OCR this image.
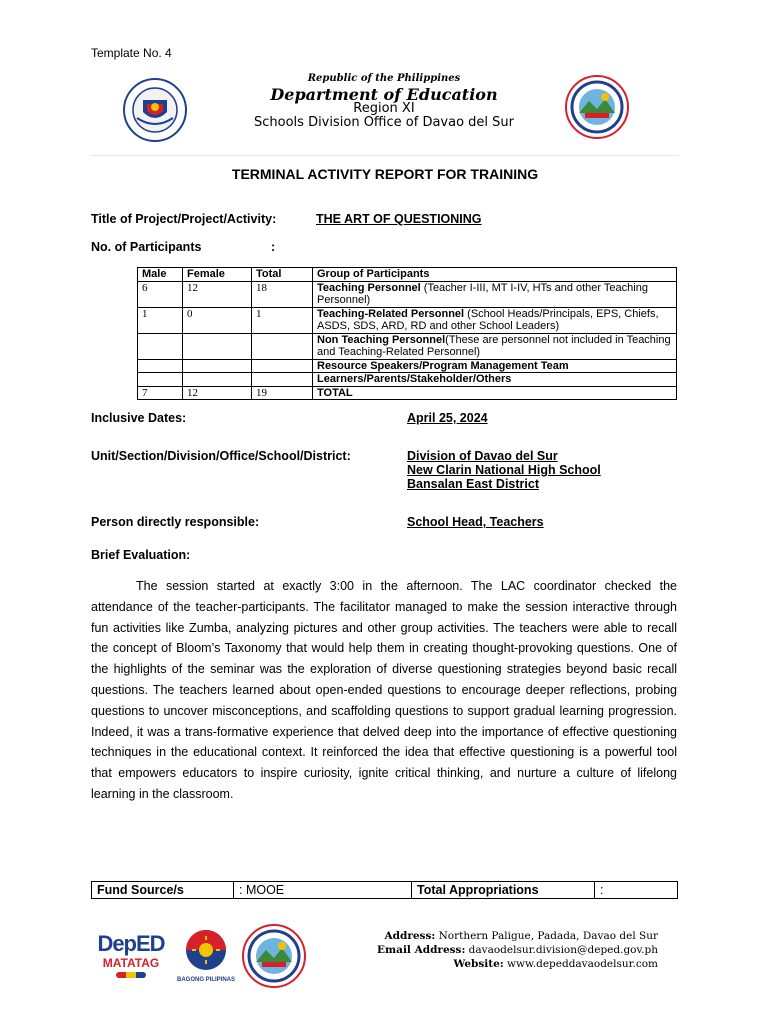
Template No. 4
Republic of the Philippines
Department of Education
Region XI
Schools Division Office of Davao del Sur
TERMINAL ACTIVITY REPORT FOR TRAINING
Title of Project/Project/Activity:	THE ART OF QUESTIONING
No. of Participants	:
Male	Female	Total	Group of Participants
6	12	18	Teaching Personnel (Teacher I-III, MT I-IV, HTs and other Teaching Personnel)
1	0	1	Teaching-Related Personnel (School Heads/Principals, EPS, Chiefs, ASDS, SDS, ARD, RD and other School Leaders)
			Non Teaching Personnel(These are personnel not included in Teaching and Teaching-Related Personnel)
			Resource Speakers/Program Management Team
			Learners/Parents/Stakeholder/Others
7	12	19	TOTAL
Inclusive Dates:	April 25, 2024
Unit/Section/Division/Office/School/District:	Division of Davao del Sur
New Clarin National High School
Bansalan East District
Person directly responsible:	School Head, Teachers
Brief Evaluation:
The session started at exactly 3:00 in the afternoon. The LAC coordinator checked the attendance of the teacher-participants. The facilitator managed to make the session interactive through fun activities like Zumba, analyzing pictures and other group activities. The teachers were able to recall the concept of Bloom’s Taxonomy that would help them in creating thought-provoking questions. One of the highlights of the seminar was the exploration of diverse questioning strategies beyond basic recall questions. The teachers learned about open-ended questions to encourage deeper reflections, probing questions to uncover misconceptions, and scaffolding questions to support gradual learning progression. Indeed, it was a trans-formative experience that delved deep into the importance of effective questioning techniques in the educational context. It reinforced the idea that effective questioning is a powerful tool that empowers educators to inspire curiosity, ignite critical thinking, and nurture a culture of lifelong learning in the classroom.
Fund Source/s	: MOOE	Total Appropriations	:
DepED
MATATAG
BAGONG PILIPINAS
Address: Northern Paligue, Padada, Davao del Sur
Email Address: davaodelsur.division@deped.gov.ph
Website: www.depeddavaodelsur.com
